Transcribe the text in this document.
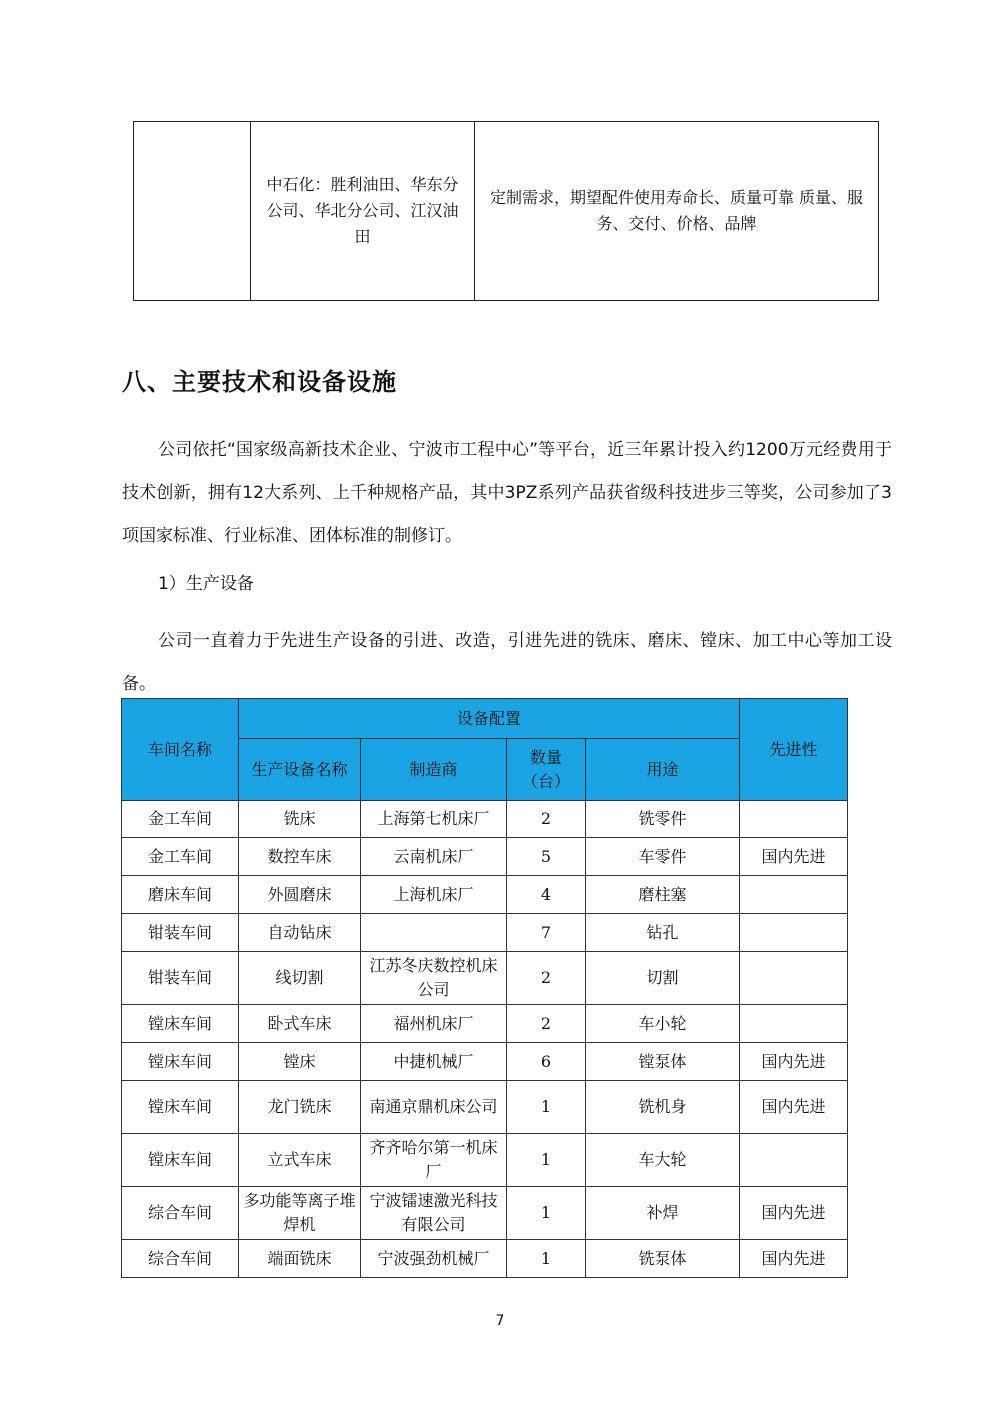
	中石化：胜利油田、华东分公司、华北分公司、江汉油田	定制需求，期望配件使用寿命长、质量可靠 质量、服务、交付、价格、品牌
八、主要技术和设备设施

公司依托“国家级高新技术企业、宁波市工程中心”等平台，近三年累计投入约1200万元经费用于技术创新，拥有12大系列、上千种规格产品，其中3PZ系列产品获省级科技进步三等奖，公司参加了3项国家标准、行业标准、团体标准的制修订。

1）生产设备

公司一直着力于先进生产设备的引进、改造，引进先进的铣床、磨床、镗床、加工中心等加工设备。

车间名称	设备配置				先进性
	生产设备名称	制造商	数量（台）	用途	
金工车间	铣床	上海第七机床厂	2	铣零件	
金工车间	数控车床	云南机床厂	5	车零件	国内先进
磨床车间	外圆磨床	上海机床厂	4	磨柱塞	
钳装车间	自动钻床		7	钻孔	
钳装车间	线切割	江苏冬庆数控机床公司	2	切割	
镗床车间	卧式车床	福州机床厂	2	车小轮	
镗床车间	镗床	中捷机械厂	6	镗泵体	国内先进
镗床车间	龙门铣床	南通京鼎机床公司	1	铣机身	国内先进
镗床车间	立式车床	齐齐哈尔第一机床厂	1	车大轮	
综合车间	多功能等离子堆焊机	宁波镭速激光科技有限公司	1	补焊	国内先进
综合车间	端面铣床	宁波强劲机械厂	1	铣泵体	国内先进
7
